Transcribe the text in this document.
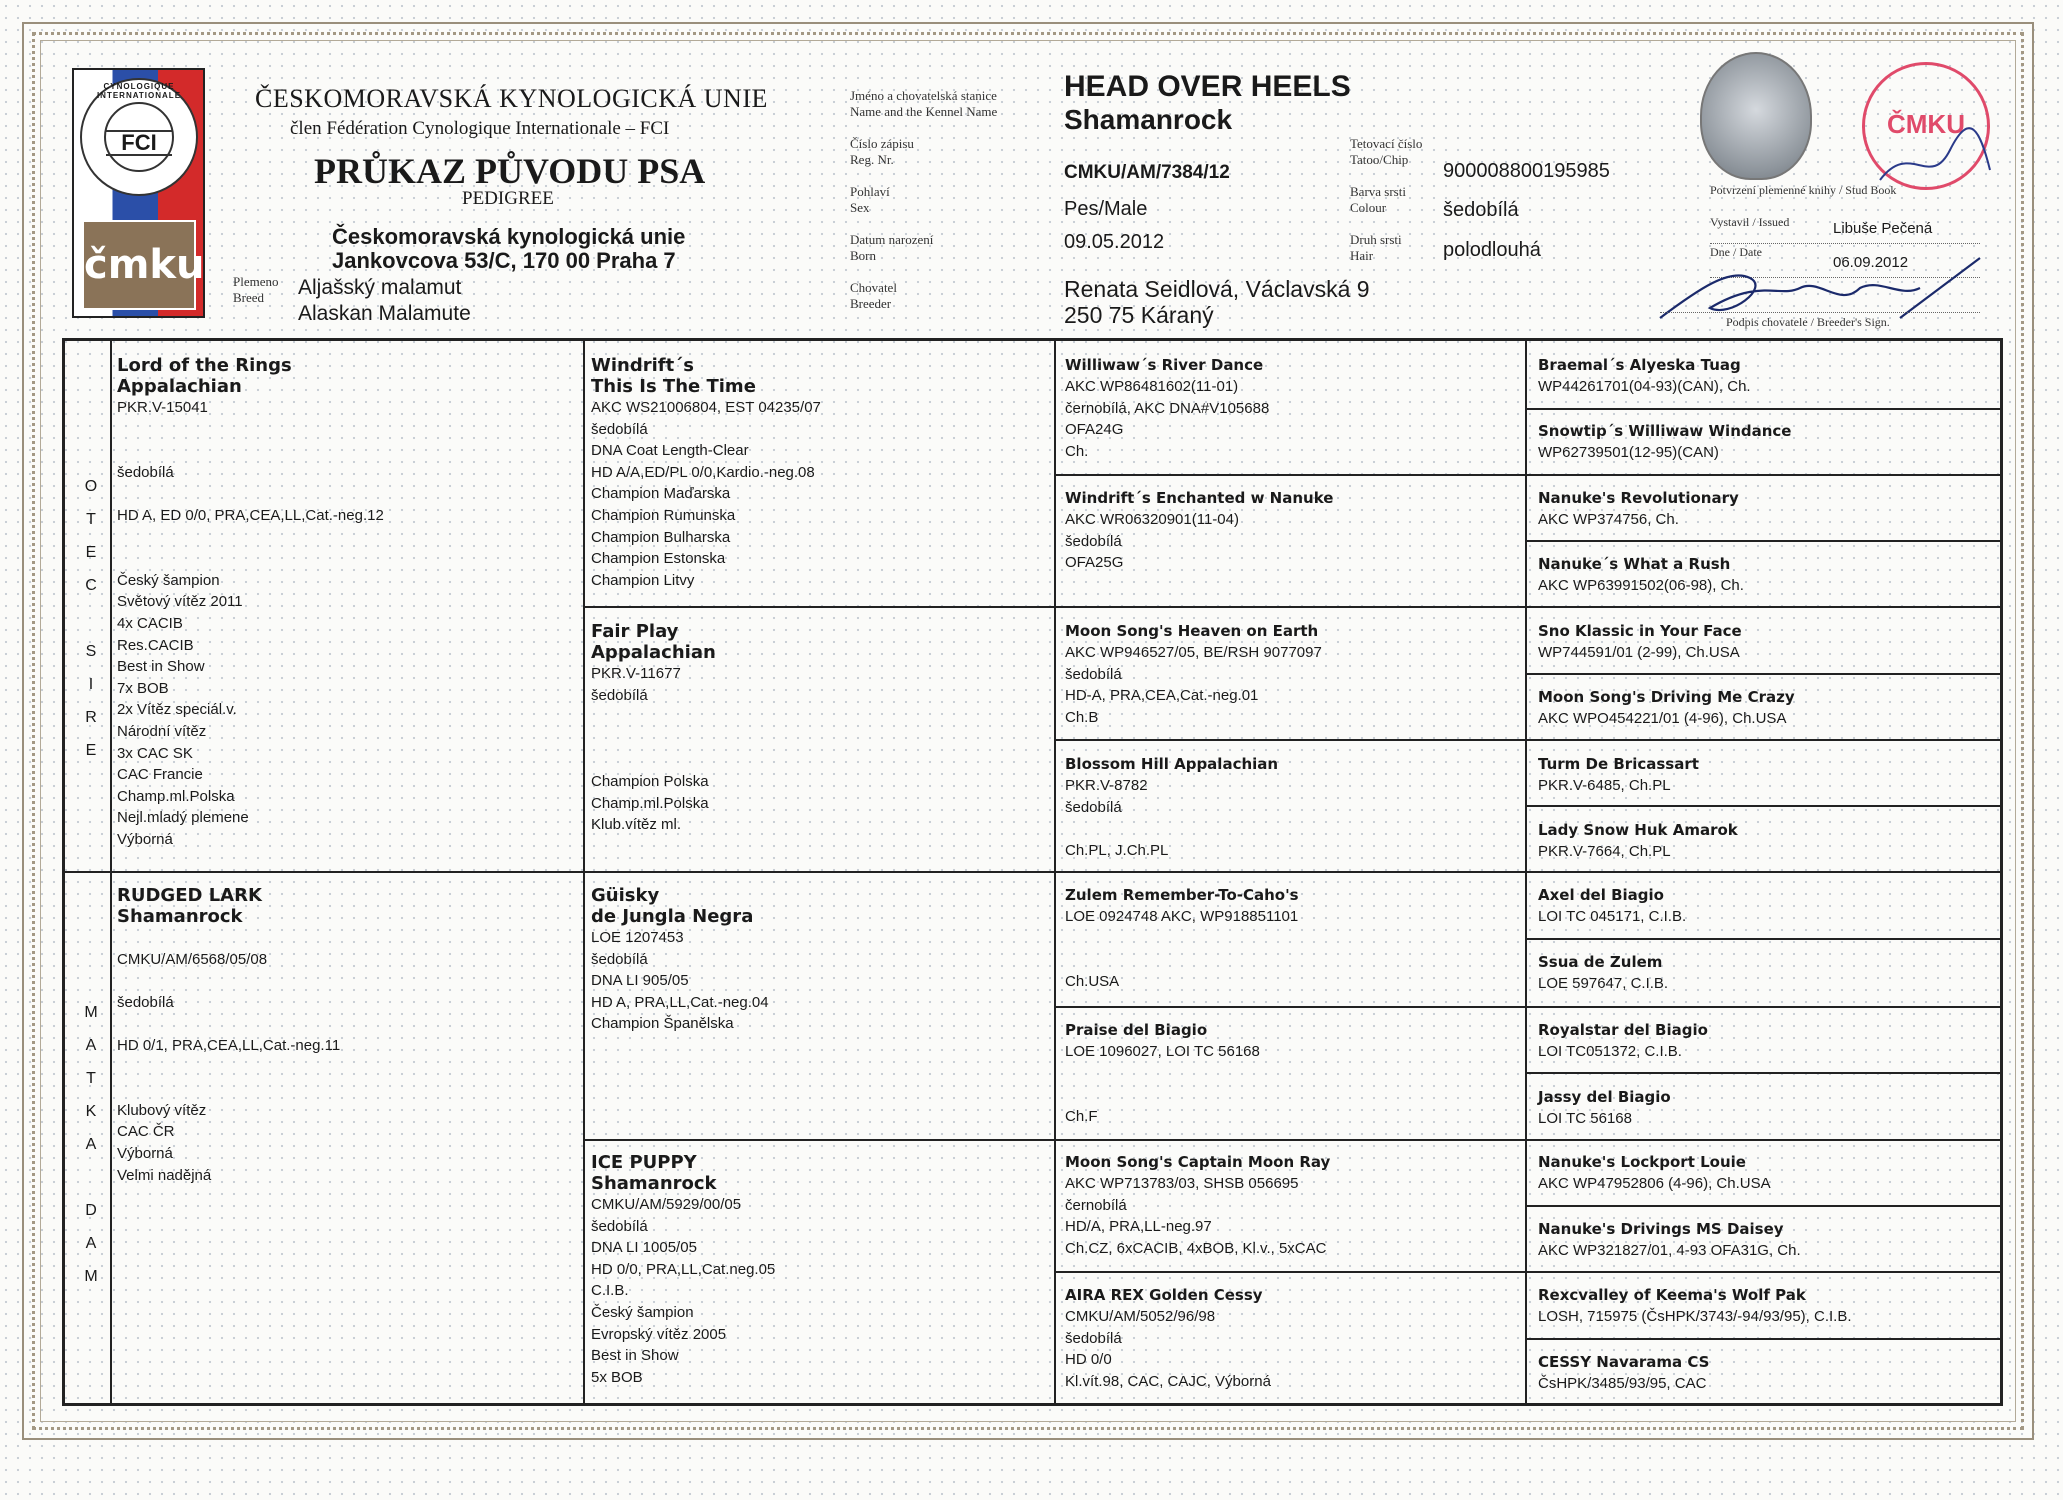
CYNOLOGIQUE INTERNATIONALE
FCI
čmku
ČESKOMORAVSKÁ KYNOLOGICKÁ UNIE
člen Fédération Cynologique Internationale – FCI
PRŮKAZ PŮVODU PSA
PEDIGREE
Českomoravská kynologická unie
Jankovcova 53/C, 170 00 Praha 7
Plemeno
Breed	Aljašský malamut
Alaskan Malamute
Jméno a chovatelská stanice
Name and the Kennel Name
Číslo zápisu
Reg. Nr.
Pohlaví
Sex
Datum narození
Born
Chovatel
Breeder
Tetovací číslo
Tatoo/Chip
Barva srsti
Colour
Druh srsti
Hair
HEAD OVER HEELS
Shamanrock
CMKU/AM/7384/12
Pes/Male
09.05.2012
Renata Seidlová, Václavská 9
250 75 Káraný
900008800195985
šedobílá
polodlouhá
ČMKU
Potvrzení plemenné knihy / Stud Book
Vystavil / Issued	Libuše Pečená
Dne / Date
06.09.2012
Podpis chovatele / Breeder's Sign.
O
T
E
C
S
I
R
E
M
A
T
K
A
D
A
M
Lord of the Rings
Appalachian
PKR.V-15041

šedobílá

HD A, ED 0/0, PRA,CEA,LL,Cat.-neg.12

Český šampion
Světový vítěz 2011
4x CACIB
Res.CACIB
Best in Show
7x BOB
2x Vítěz speciál.v.
Národní vítěz
3x CAC SK
CAC Francie
Champ.ml.Polska
Nejl.mladý plemene
Výborná
RUDGED LARK
Shamanrock

CMKU/AM/6568/05/08

šedobílá

HD 0/1, PRA,CEA,LL,Cat.-neg.11

Klubový vítěz
CAC ČR
Výborná
Velmi nadějná
Windrift´s
This Is The Time
AKC WS21006804, EST 04235/07
šedobílá
DNA Coat Length-Clear
HD A/A,ED/PL 0/0,Kardio.-neg.08
Champion Maďarska
Champion Rumunska
Champion Bulharska
Champion Estonska
Champion Litvy
Fair Play
Appalachian
PKR.V-11677
šedobílá

Champion Polska
Champ.ml.Polska
Klub.vítěz ml.
Güisky
de Jungla Negra
LOE 1207453
šedobílá
DNA LI 905/05
HD A, PRA,LL,Cat.-neg.04
Champion Španělska
ICE PUPPY
Shamanrock
CMKU/AM/5929/00/05
šedobílá
DNA LI 1005/05
HD 0/0, PRA,LL,Cat.neg.05
C.I.B.
Český šampion
Evropský vítěz 2005
Best in Show
5x BOB
Williwaw´s River Dance
AKC WP86481602(11-01)
černobílá, AKC DNA#V105688
OFA24G
Ch.
Windrift´s Enchanted w Nanuke
AKC WR06320901(11-04)
šedobílá
OFA25G
Moon Song's Heaven on Earth
AKC WP946527/05, BE/RSH 9077097
šedobílá
HD-A, PRA,CEA,Cat.-neg.01
Ch.B
Blossom Hill Appalachian
PKR.V-8782
šedobílá

Ch.PL, J.Ch.PL
Zulem Remember-To-Caho's
LOE 0924748 AKC, WP918851101

Ch.USA
Praise del Biagio
LOE 1096027, LOI TC 56168

Ch.F
Moon Song's Captain Moon Ray
AKC WP713783/03, SHSB 056695
černobílá
HD/A, PRA,LL-neg.97
Ch.CZ, 6xCACIB, 4xBOB, Kl.v., 5xCAC
AIRA REX Golden Cessy
CMKU/AM/5052/96/98
šedobílá
HD 0/0
Kl.vít.98, CAC, CAJC, Výborná
Braemal´s Alyeska Tuag
WP44261701(04-93)(CAN), Ch.
Snowtip´s Williwaw Windance
WP62739501(12-95)(CAN)
Nanuke's Revolutionary
AKC WP374756, Ch.
Nanuke´s What a Rush
AKC WP63991502(06-98), Ch.
Sno Klassic in Your Face
WP744591/01 (2-99), Ch.USA
Moon Song's Driving Me Crazy
AKC WPO454221/01 (4-96), Ch.USA
Turm De Bricassart
PKR.V-6485, Ch.PL
Lady Snow Huk Amarok
PKR.V-7664, Ch.PL
Axel del Biagio
LOI TC 045171, C.I.B.
Ssua de Zulem
LOE 597647, C.I.B.
Royalstar del Biagio
LOI TC051372, C.I.B.
Jassy del Biagio
LOI TC 56168
Nanuke's Lockport Louie
AKC WP47952806 (4-96), Ch.USA
Nanuke's Drivings MS Daisey
AKC WP321827/01, 4-93 OFA31G, Ch.
Rexcvalley of Keema's Wolf Pak
LOSH, 715975 (ČsHPK/3743/-94/93/95), C.I.B.
CESSY Navarama CS
ČsHPK/3485/93/95, CAC
